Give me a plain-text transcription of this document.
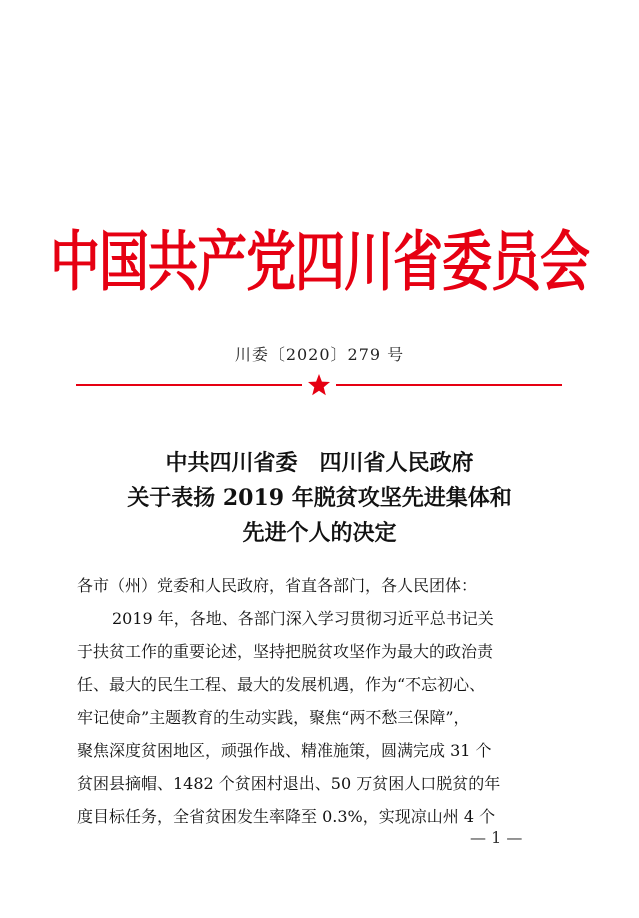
中国共产党四川省委员会
川委〔2020〕279 号
中共四川省委 四川省人民政府
关于表扬 2019 年脱贫攻坚先进集体和
先进个人的决定
各市（州）党委和人民政府，省直各部门，各人民团体：
2019 年，各地、各部门深入学习贯彻习近平总书记关
于扶贫工作的重要论述，坚持把脱贫攻坚作为最大的政治责
任、最大的民生工程、最大的发展机遇，作为“不忘初心、
牢记使命”主题教育的生动实践，聚焦“两不愁三保障”，
聚焦深度贫困地区，顽强作战、精准施策，圆满完成 31 个
贫困县摘帽、1482 个贫困村退出、50 万贫困人口脱贫的年
度目标任务，全省贫困发生率降至 0.3%，实现凉山州 4 个
— 1 —
